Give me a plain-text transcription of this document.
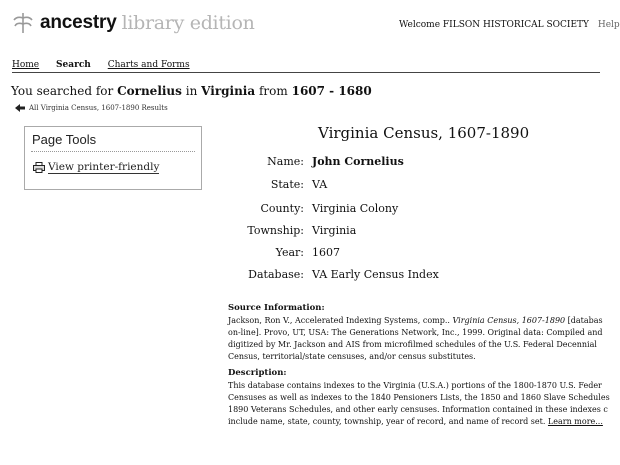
ancestry library edition	Welcome FILSON HISTORICAL SOCIETY Help
Home Search Charts and Forms
You searched for Cornelius in Virginia from 1607 - 1680
All Virginia Census, 1607-1890 Results
Page Tools
View printer-friendly
Virginia Census, 1607-1890
Name: John Cornelius
State: VA
County: Virginia Colony
Township: Virginia
Year: 1607
Database: VA Early Census Index
Source Information:
Jackson, Ron V., Accelerated Indexing Systems, comp.. Virginia Census, 1607-1890 [databas
on-line]. Provo, UT, USA: The Generations Network, Inc., 1999. Original data: Compiled and
digitized by Mr. Jackson and AIS from microfilmed schedules of the U.S. Federal Decennial
Census, territorial/state censuses, and/or census substitutes.
Description:
This database contains indexes to the Virginia (U.S.A.) portions of the 1800-1870 U.S. Feder
Censuses as well as indexes to the 1840 Pensioners Lists, the 1850 and 1860 Slave Schedules
1890 Veterans Schedules, and other early censuses. Information contained in these indexes c
include name, state, county, township, year of record, and name of record set. Learn more...
